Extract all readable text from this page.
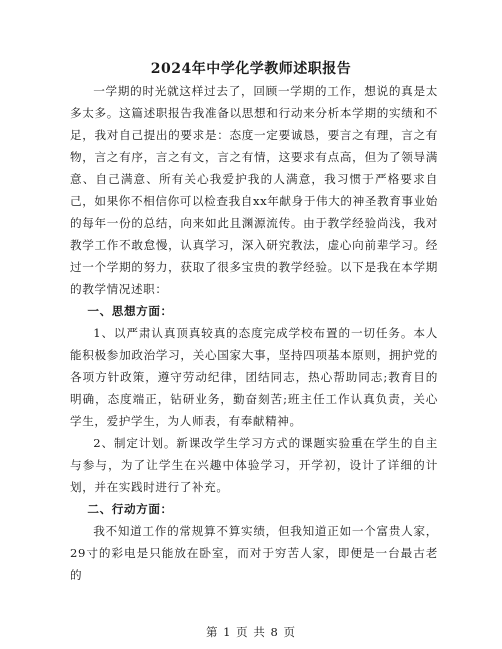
2024年中学化学教师述职报告

一学期的时光就这样过去了，回顾一学期的工作，想说的真是太多太多。这篇述职报告我准备以思想和行动来分析本学期的实绩和不足，我对自己提出的要求是：态度一定要诚恳，要言之有理，言之有物，言之有序，言之有文，言之有情，这要求有点高，但为了领导满意、自己满意、所有关心我爱护我的人满意，我习惯于严格要求自己，如果你不相信你可以检查我自xx年献身于伟大的神圣教育事业始的每年一份的总结，向来如此且渊源流传。由于教学经验尚浅，我对教学工作不敢怠慢，认真学习，深入研究教法，虚心向前辈学习。经过一个学期的努力，获取了很多宝贵的教学经验。以下是我在本学期的教学情况述职：

一、思想方面：

1、以严肃认真顶真较真的态度完成学校布置的一切任务。本人能积极参加政治学习，关心国家大事，坚持四项基本原则，拥护党的各项方针政策，遵守劳动纪律，团结同志，热心帮助同志;教育目的明确，态度端正，钻研业务，勤奋刻苦;班主任工作认真负责，关心学生，爱护学生，为人师表，有奉献精神。

2、制定计划。新课改学生学习方式的课题实验重在学生的自主与参与，为了让学生在兴趣中体验学习，开学初，设计了详细的计划，并在实践时进行了补充。

二、行动方面：

我不知道工作的常规算不算实绩，但我知道正如一个富贵人家，29寸的彩电是只能放在卧室，而对于穷苦人家，即便是一台最古老的

第 1 页 共 8 页
